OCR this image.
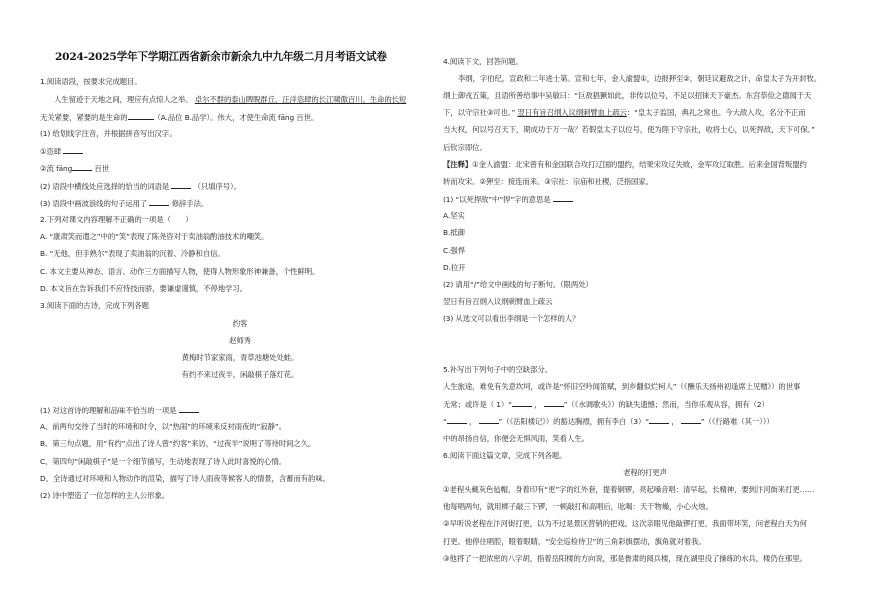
2024-2025学年下学期江西省新余市新余九中九年级二月月考语文试卷
1.阅读语段，按要求完成题目。
人生留迹于天地之间，理应有点惊人之举。 卓尔不群的泰山睥睨群丘，汪洋恣肆的长江啸傲百川。生命的长短
无关紧要，紧要的是生命的	（A.品位 B.品学）。伟大，才使生命流 fāng 百世。
(1) 给划线字注音，并根据拼音写出汉字。
①恣肆
②流 fāng	百世
(2) 语段中横线处应选择的恰当的词语是	（只填序号）。
(3) 语段中画波浪线的句子运用了	修辞手法。
2.下列对课文内容理解不正确的一项是（　　）
A. “康肃笑而遣之”中的“笑”表现了陈尧咨对于卖油翁酌油技术的嘲笑。
B. “无他，但手熟尔”表现了卖油翁的沉着、冷静和自信。
C. 本文主要从神态、语言、动作三方面描写人物，使得人物形象形神兼备，个性鲜明。
D. 本文旨在告诉我们不应恃技而骄，要谦虚谨慎，不停地学习。
3.阅读下面的古诗，完成下列各题
约客
赵师秀
黄梅时节家家雨，青草池塘处处蛙。
有约不来过夜半，闲敲棋子落灯花。
(1) 对这首诗的理解和品味不恰当的一项是
A、前两句交待了当时的环境和时令，以“热闹”的环境来反衬雨夜的“寂静”。
B、第三句点题，用“有约”点出了诗人曾“约客”来访，“过夜半”说明了等待时间之久。
C、第四句“闲敲棋子”是一个细节描写，生动地表现了诗人此时喜悦的心情。
D、全诗通过对环境和人物动作的渲染，描写了诗人雨夜等候客人的情景，含蓄而有韵味。
(2) 诗中塑造了一位怎样的主人公形象。
4.阅读下文，回答问题。
李纲，字伯纪，宣政和二年进士第。宣和七年，金人渝盟①，边报狎至②，朝廷议避敌之计，命皇太子为开封牧。
纲上御戎五策，且语所善给事中吴敏曰：“巨敌猖獗如此，非传以位号，不足以招徕天下豪杰。东宫恭俭之德闻于天
下，以守宗社③可也。” 翌日有旨召纲入议纲刺臂血上疏云：“皇太子监国，典礼之常也。今大敌入攻，名分不正而
当大权，何以号召天下，期成功于万一哉？若假皇太子以位号，使为陛下守宗社，收将士心，以死捍敌，天下可保。”
后钦宗即位。
【注释】①金人渝盟：北宋曾有和金国联合攻打辽国的盟约，结果宋攻辽失败，金军攻辽取胜。后来金国背叛盟约
转而攻宋。②狎至：接连而来。③宗社：宗庙和社稷，泛指国家。
(1) “以死捍敌”中“捍”字的意思是
A.坚实
B.抵御
C.强悍
D.拉开
(2) 请用“/”给文中画线的句子断句。（限两处）
翌日有旨召纲入议纲刺臂血上疏云
(3) 从选文可以看出李纲是一个怎样的人？
5.补写出下列句子中的空缺部分。
人生旅途，难免有失意坎坷，或许是“怀旧空吟闻笛赋，到乡翻似烂柯人”（《酬乐天扬州初逢席上见赠》）的世事
无常；或许是（ 1）“	，	”（《水调歌头》）的缺失遗憾；然而，当你乐观从容，拥有（2）
“	，	”（《岳阳楼记》）的豁达胸襟，拥有李白（3）“	，	”（《行路难（其一）》）
中的昂扬自信，你便会无惧风雨，笑看人生。
6.阅读下面这篇文章，完成下列各题。
老程的打更声
①老程头戴灰色毡帽，身着印有“更”字的红外套，提着铜锣，亮起嗓音唱：清早起，长精神，要到汴河街来打更……
他每唱两句，就用梆子敲三下锣，一顿敲打和高唱后，吆喝：天干物燥，小心火烛。
②早听说老程在汴河街打更，以为不过是景区营销的把戏。这次亲眼见他敲锣打更，我面带坏笑，问老程白天为何
打更。他停住唱腔，瞪着眼睛，“安全巡检侍卫”的三角彩旗摆动，旗角就对着我。
③他捋了一把浓密的八字胡，指着岳阳楼的方向说，那是鲁肃的阅兵楼，现在湖里没了操练的水兵，楼仍在那里。
